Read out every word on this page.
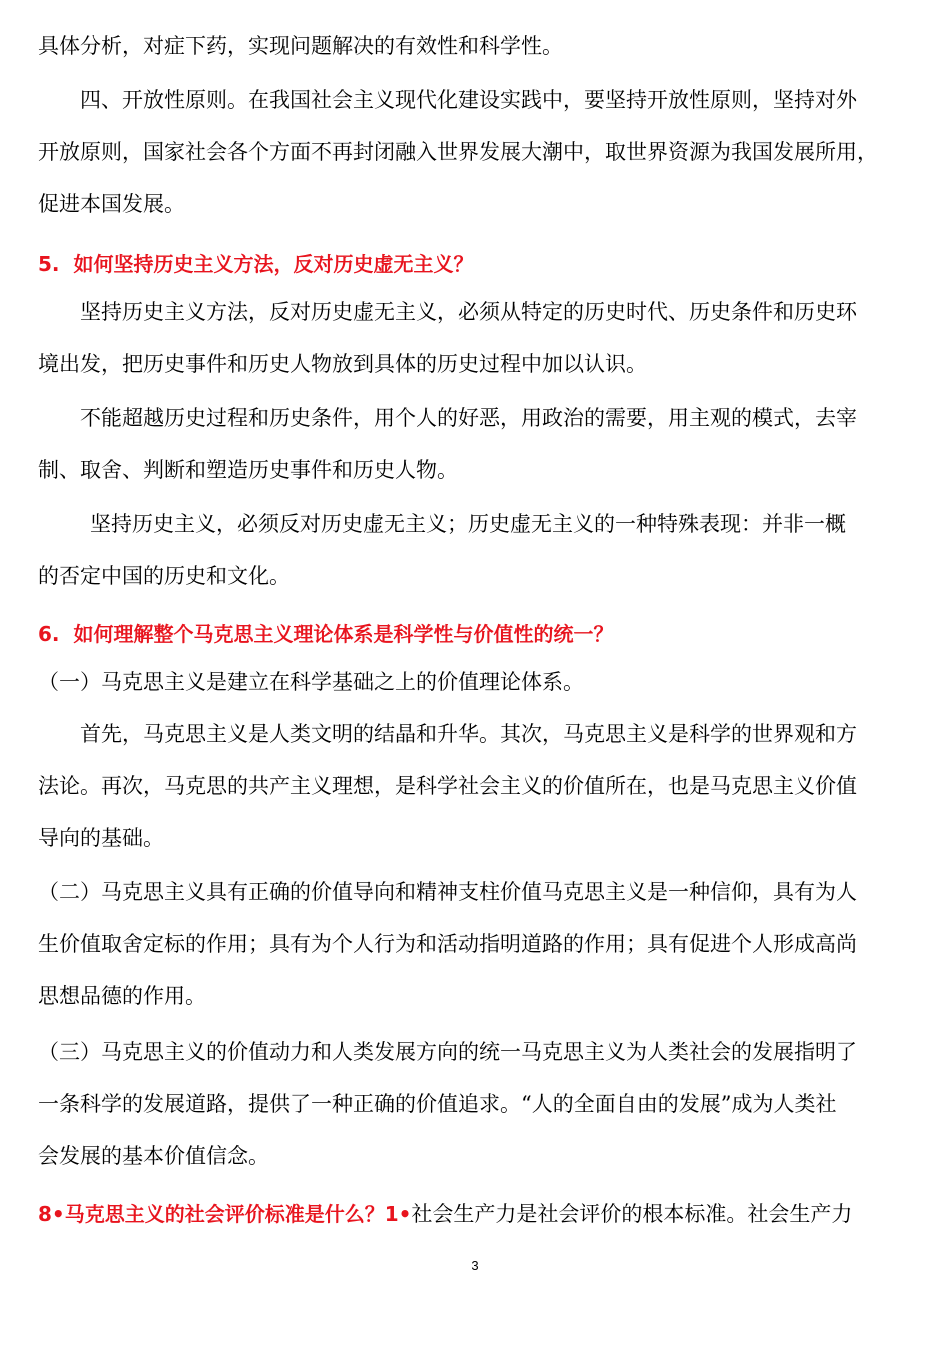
具体分析，对症下药，实现问题解决的有效性和科学性。
四、开放性原则。在我国社会主义现代化建设实践中，要坚持开放性原则，坚持对外
开放原则，国家社会各个方面不再封闭融入世界发展大潮中，取世界资源为我国发展所用，
促进本国发展。
5. 如何坚持历史主义方法，反对历史虚无主义？
坚持历史主义方法，反对历史虚无主义，必须从特定的历史时代、历史条件和历史环
境出发，把历史事件和历史人物放到具体的历史过程中加以认识。
不能超越历史过程和历史条件，用个人的好恶，用政治的需要，用主观的模式，去宰
制、取舍、判断和塑造历史事件和历史人物。
坚持历史主义，必须反对历史虚无主义；历史虚无主义的一种特殊表现：并非一概
的否定中国的历史和文化。
6. 如何理解整个马克思主义理论体系是科学性与价值性的统一？
（一）马克思主义是建立在科学基础之上的价值理论体系。
首先，马克思主义是人类文明的结晶和升华。其次，马克思主义是科学的世界观和方
法论。再次，马克思的共产主义理想，是科学社会主义的价值所在，也是马克思主义价值
导向的基础。
（二）马克思主义具有正确的价值导向和精神支柱价值马克思主义是一种信仰，具有为人
生价值取舍定标的作用；具有为个人行为和活动指明道路的作用；具有促进个人形成高尚
思想品德的作用。
（三）马克思主义的价值动力和人类发展方向的统一马克思主义为人类社会的发展指明了
一条科学的发展道路，提供了一种正确的价值追求。“人的全面自由的发展”成为人类社
会发展的基本价值信念。
8•马克思主义的社会评价标准是什么？1•社会生产力是社会评价的根本标准。社会生产力
3
